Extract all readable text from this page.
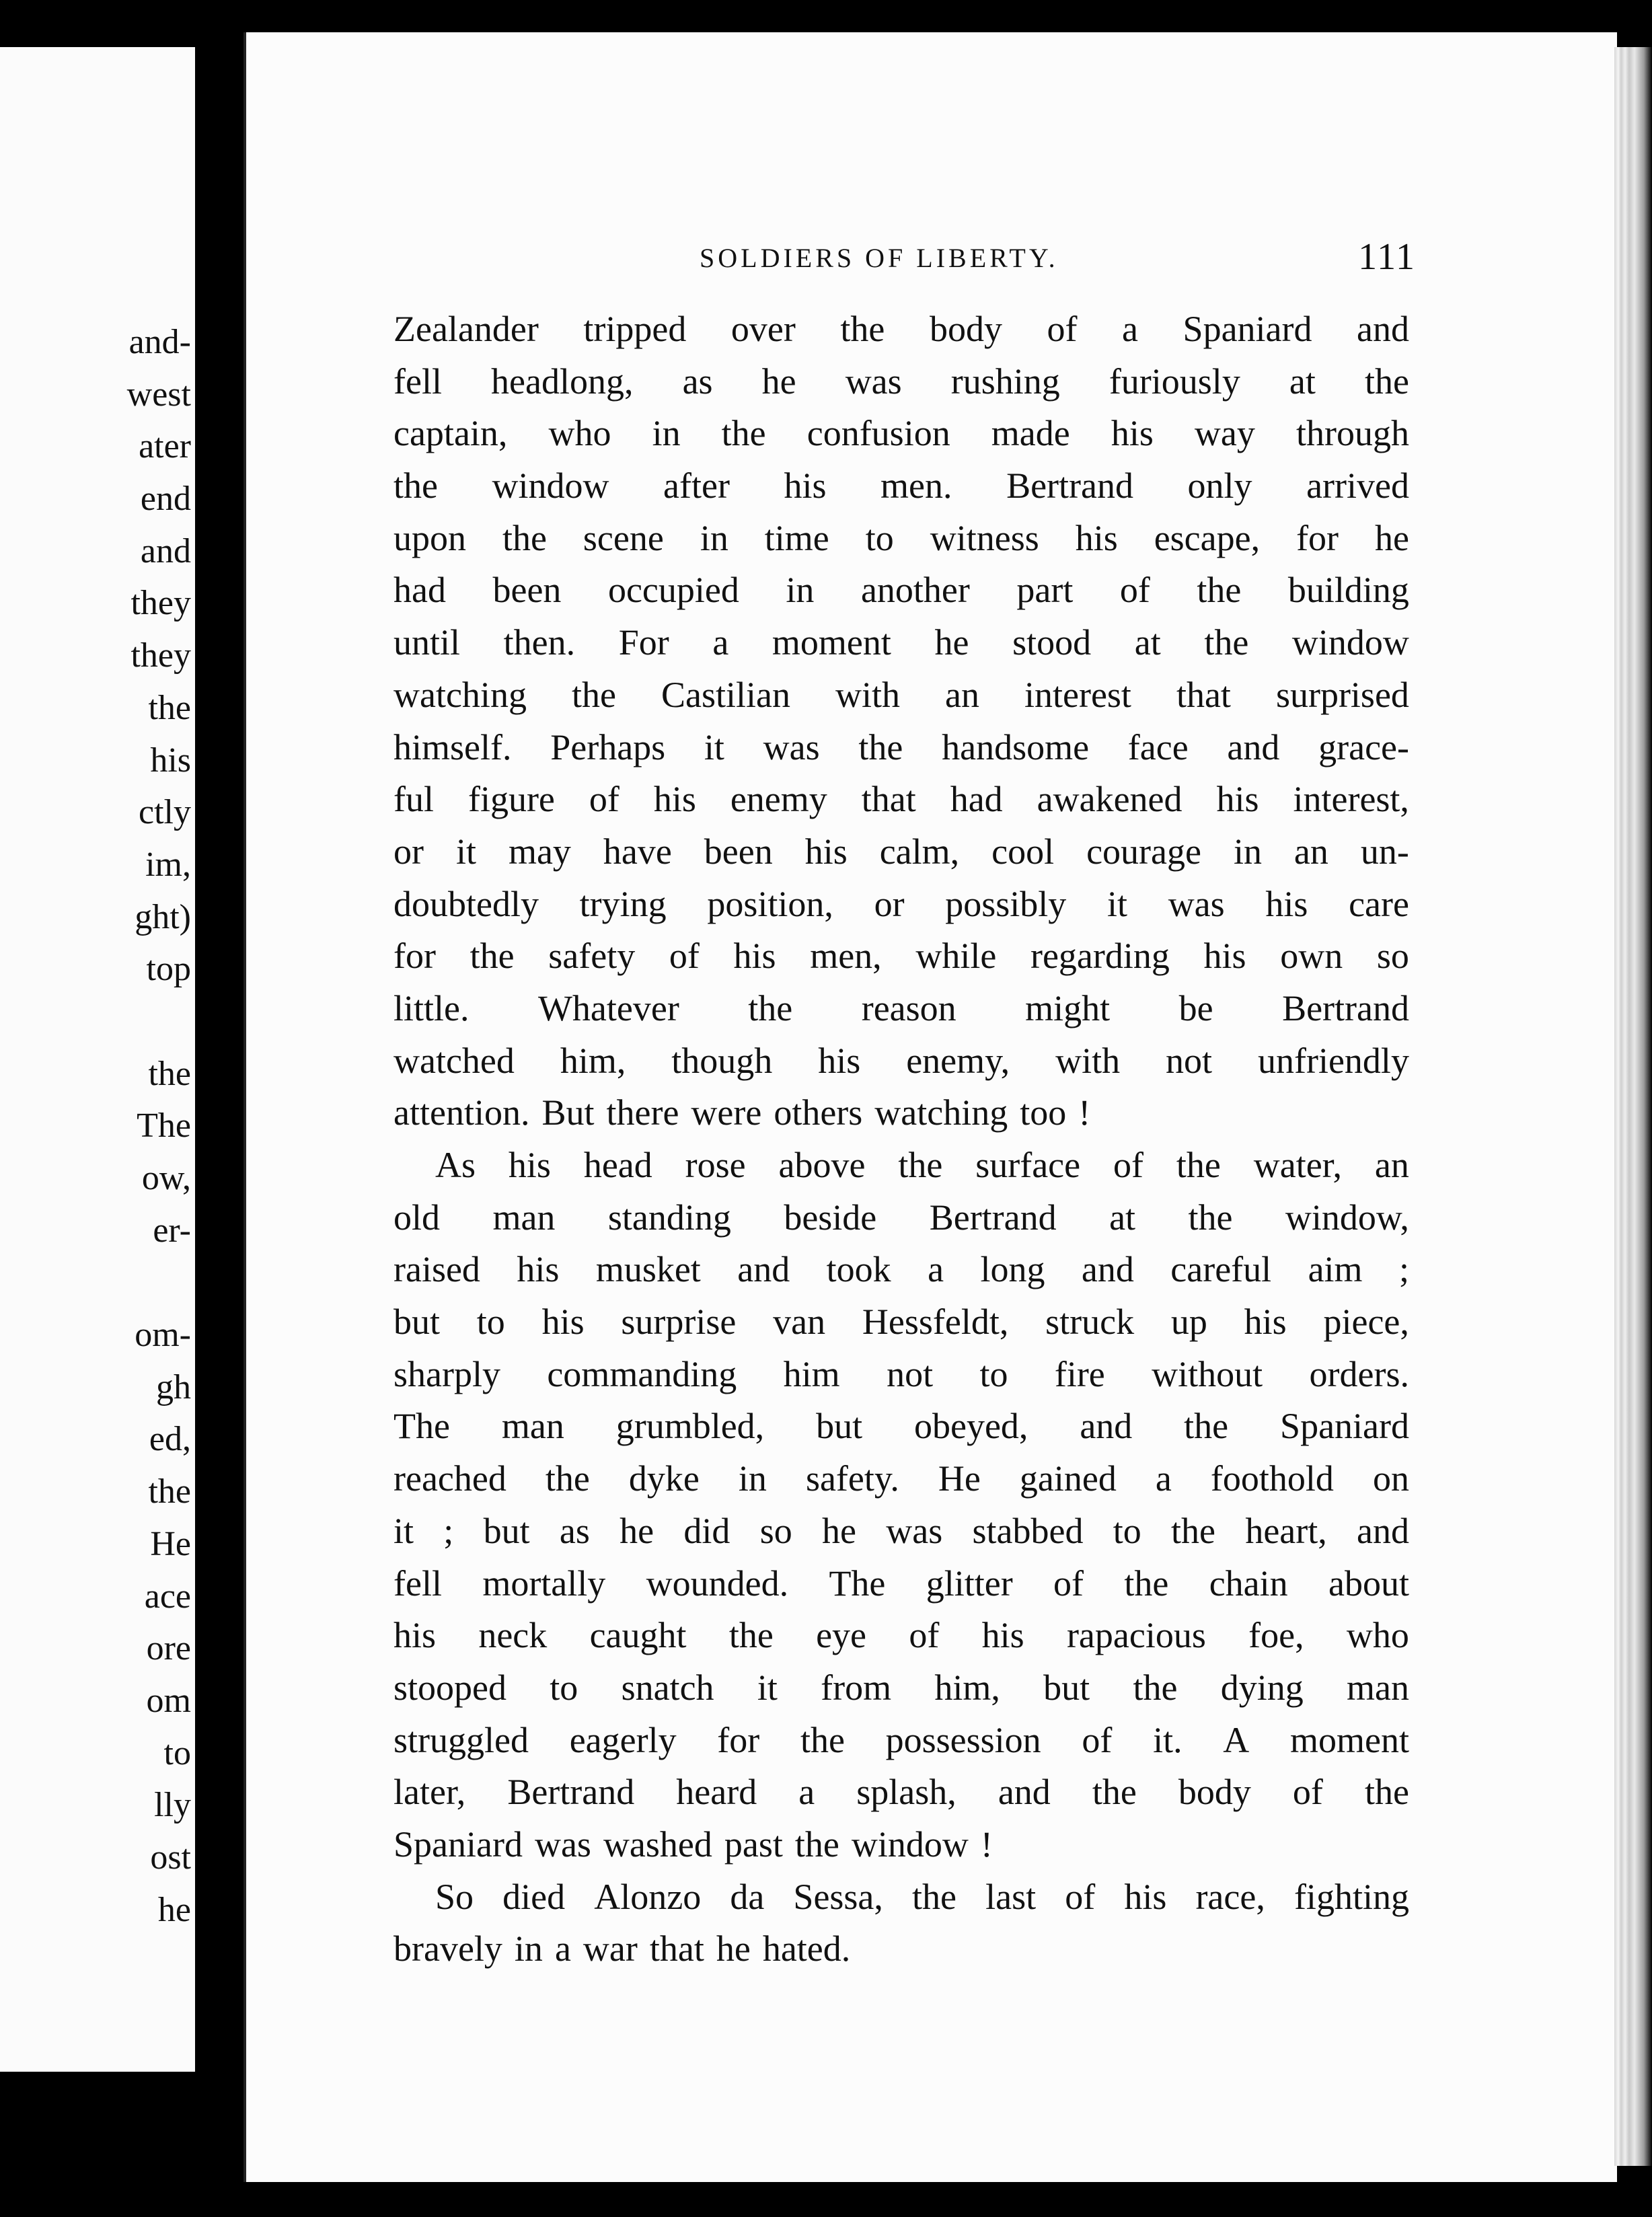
and-
west
ater
end
and
they
they
the
his
ctly
im,
ght)
top
the
The
ow,
er-
om-
gh
ed,
the
He
ace
ore
om
to
lly
ost
he
SOLDIERS OF LIBERTY.	111
Zealander tripped over the body of a Spaniard and
fell headlong, as he was rushing furiously at the
captain, who in the confusion made his way through
the window after his men. Bertrand only arrived
upon the scene in time to witness his escape, for he
had been occupied in another part of the building
until then. For a moment he stood at the window
watching the Castilian with an interest that surprised
himself. Perhaps it was the handsome face and grace-
ful figure of his enemy that had awakened his interest,
or it may have been his calm, cool courage in an un-
doubtedly trying position, or possibly it was his care
for the safety of his men, while regarding his own so
little. Whatever the reason might be Bertrand
watched him, though his enemy, with not unfriendly
attention. But there were others watching too !
As his head rose above the surface of the water, an
old man standing beside Bertrand at the window,
raised his musket and took a long and careful aim ;
but to his surprise van Hessfeldt, struck up his piece,
sharply commanding him not to fire without orders.
The man grumbled, but obeyed, and the Spaniard
reached the dyke in safety. He gained a foothold on
it ; but as he did so he was stabbed to the heart, and
fell mortally wounded. The glitter of the chain about
his neck caught the eye of his rapacious foe, who
stooped to snatch it from him, but the dying man
struggled eagerly for the possession of it. A moment
later, Bertrand heard a splash, and the body of the
Spaniard was washed past the window !
So died Alonzo da Sessa, the last of his race, fighting
bravely in a war that he hated.
